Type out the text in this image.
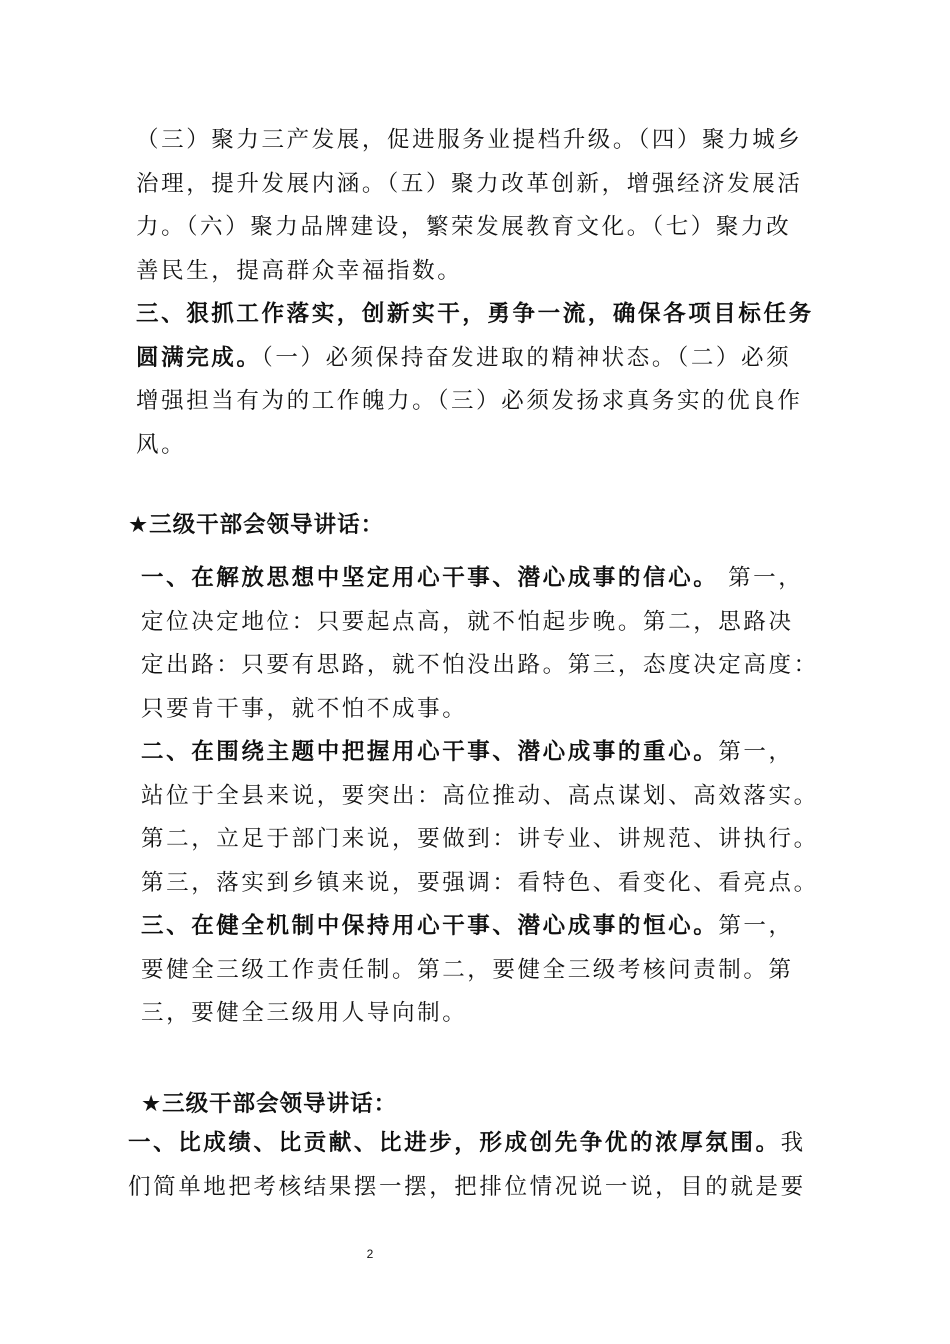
（三）聚力三产发展，促进服务业提档升级。（四）聚力城乡
治理，提升发展内涵。（五）聚力改革创新，增强经济发展活
力。（六）聚力品牌建设，繁荣发展教育文化。（七）聚力改
善民生，提高群众幸福指数。
三、狠抓工作落实，创新实干，勇争一流，确保各项目标任务
圆满完成。（一）必须保持奋发进取的精神状态。（二）必须
增强担当有为的工作魄力。（三）必须发扬求真务实的优良作
风。
★三级干部会领导讲话：
一、在解放思想中坚定用心干事、潜心成事的信心。 第一，
定位决定地位：只要起点高，就不怕起步晚。第二，思路决
定出路：只要有思路，就不怕没出路。第三，态度决定高度：
只要肯干事，就不怕不成事。
二、在围绕主题中把握用心干事、潜心成事的重心。第一，
站位于全县来说，要突出：高位推动、高点谋划、高效落实。
第二，立足于部门来说，要做到：讲专业、讲规范、讲执行。
第三，落实到乡镇来说，要强调：看特色、看变化、看亮点。
三、在健全机制中保持用心干事、潜心成事的恒心。第一，
要健全三级工作责任制。第二，要健全三级考核问责制。第
三，要健全三级用人导向制。
★三级干部会领导讲话：
一、比成绩、比贡献、比进步，形成创先争优的浓厚氛围。我
们简单地把考核结果摆一摆，把排位情况说一说，目的就是要
2
